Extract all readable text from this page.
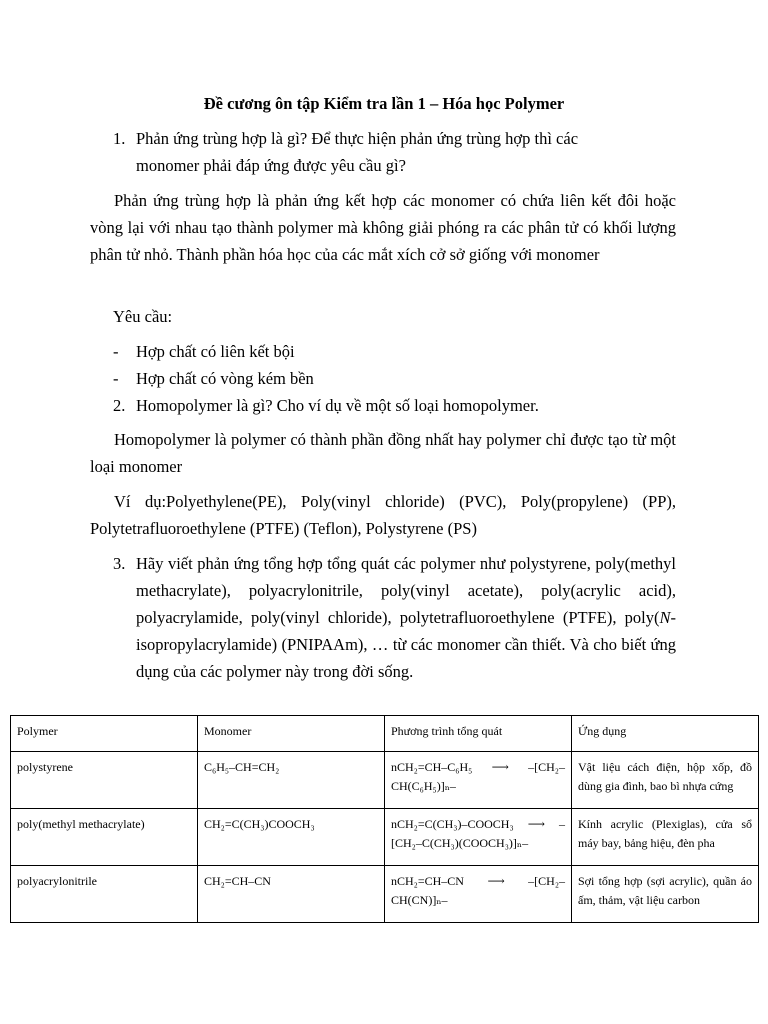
Đề cương ôn tập Kiểm tra lần 1 – Hóa học Polymer
1. Phản ứng trùng hợp là gì? Để thực hiện phản ứng trùng hợp thì các
monomer phải đáp ứng được yêu cầu gì?
Phản ứng trùng hợp là phản ứng kết hợp các monomer có chứa liên kết đôi hoặc vòng lại với nhau tạo thành polymer mà không giải phóng ra các phân tử có khối lượng phân tử nhỏ. Thành phần hóa học của các mắt xích cở sở giống với monomer
Yêu cầu:
- Hợp chất có liên kết bội
- Hợp chất có vòng kém bền
2. Homopolymer là gì? Cho ví dụ về một số loại homopolymer.
Homopolymer là polymer có thành phần đồng nhất hay polymer chỉ được tạo từ một loại monomer
Ví dụ:Polyethylene(PE), Poly(vinyl chloride) (PVC), Poly(propylene) (PP), Polytetrafluoroethylene (PTFE) (Teflon), Polystyrene (PS)
3. Hãy viết phản ứng tổng hợp tổng quát các polymer như polystyrene, poly(methyl methacrylate), polyacrylonitrile, poly(vinyl acetate), poly(acrylic acid), polyacrylamide, poly(vinyl chloride), polytetrafluoroethylene (PTFE), poly(N-isopropylacrylamide) (PNIPAAm), … từ các monomer cần thiết. Và cho biết ứng dụng của các polymer này trong đời sống.
Polymer	Monomer	Phương trình tổng quát	Ứng dụng
polystyrene	C₆H₅–CH=CH₂	nCH₂=CH–C₆H₅ ⟶ –[CH₂–CH(C₆H₅)]ₙ–	Vật liệu cách điện, hộp xốp, đồ dùng gia đình, bao bì nhựa cứng
poly(methyl methacrylate)	CH₂=C(CH₃)COOCH₃	nCH₂=C(CH₃)–COOCH₃ ⟶ –[CH₂–C(CH₃)(COOCH₃)]ₙ–	Kính acrylic (Plexiglas), cửa sổ máy bay, bảng hiệu, đèn pha
polyacrylonitrile	CH₂=CH–CN	nCH₂=CH–CN ⟶ –[CH₂–CH(CN)]ₙ–	Sợi tổng hợp (sợi acrylic), quần áo ấm, thảm, vật liệu carbon
